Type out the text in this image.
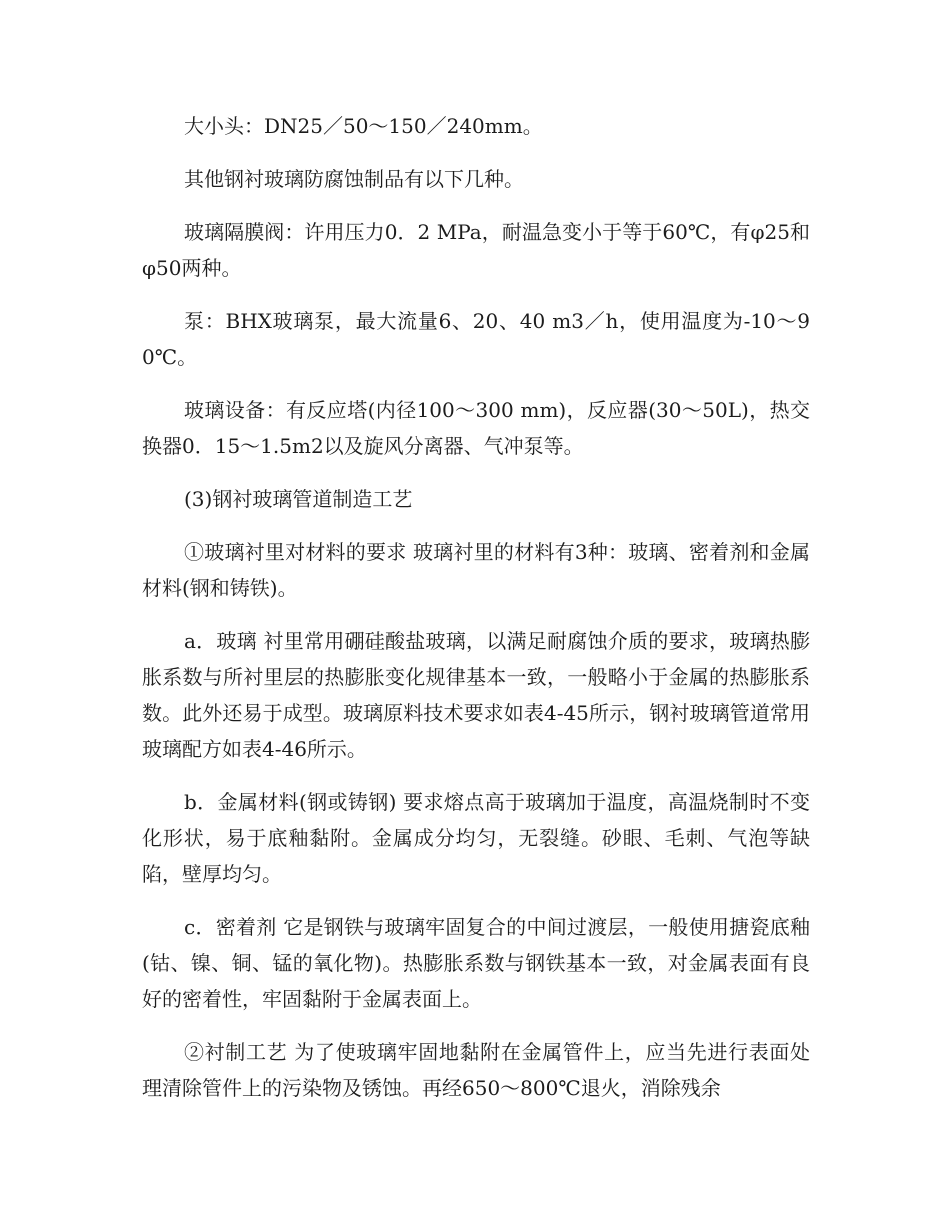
大小头：DN25／50～150／240mm。

其他钢衬玻璃防腐蚀制品有以下几种。

玻璃隔膜阀：许用压力0．2 MPa，耐温急变小于等于60℃，有φ25和 φ50两种。

泵：BHX玻璃泵，最大流量6、20、40 m3／h，使用温度为-10～90℃。

玻璃设备：有反应塔(内径100～300 mm)，反应器(30～50L)，热交换器0．15～1.5m2以及旋风分离器、气冲泵等。

(3)钢衬玻璃管道制造工艺

①玻璃衬里对材料的要求 玻璃衬里的材料有3种：玻璃、密着剂和金属材料(钢和铸铁)。

a．玻璃 衬里常用硼硅酸盐玻璃，以满足耐腐蚀介质的要求，玻璃热膨胀系数与所衬里层的热膨胀变化规律基本一致，一般略小于金属的热膨胀系数。此外还易于成型。玻璃原料技术要求如表4-45所示，钢衬玻璃管道常用玻璃配方如表4-46所示。

b．金属材料(钢或铸钢) 要求熔点高于玻璃加于温度，高温烧制时不变化形状，易于底釉黏附。金属成分均匀，无裂缝。砂眼、毛刺、气泡等缺陷，壁厚均匀。

c．密着剂 它是钢铁与玻璃牢固复合的中间过渡层，一般使用搪瓷底釉(钴、镍、铜、锰的氧化物)。热膨胀系数与钢铁基本一致，对金属表面有良好的密着性，牢固黏附于金属表面上。

②衬制工艺 为了使玻璃牢固地黏附在金属管件上，应当先进行表面处理清除管件上的污染物及锈蚀。再经650～800℃退火，消除残余
